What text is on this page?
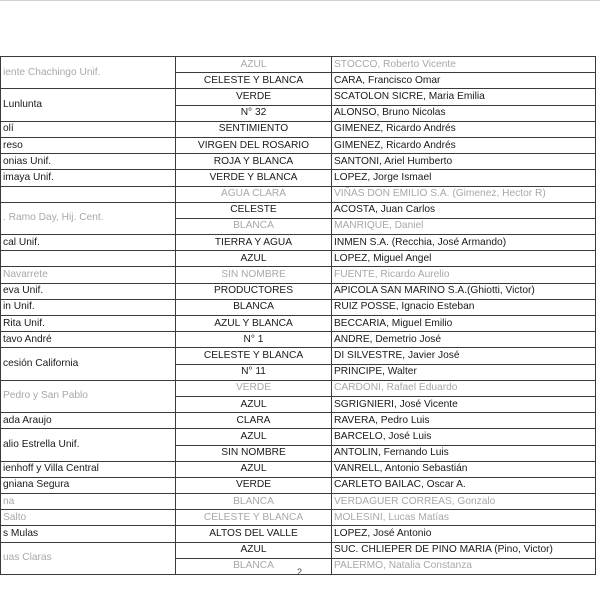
iente Chachingo Unif.	AZUL	STOCCO, Roberto Vicente
	CELESTE Y BLANCA	CARA, Francisco Omar
Lunlunta	VERDE	SCATOLON SICRE, Maria Emilia
	N° 32	ALONSO, Bruno Nicolas
olí	SENTIMIENTO	GIMENEZ, Ricardo Andrés
reso	VIRGEN DEL ROSARIO	GIMENEZ, Ricardo Andrés
onias Unif.	ROJA Y BLANCA	SANTONI, Ariel Humberto
imaya Unif.	VERDE Y BLANCA	LOPEZ, Jorge Ismael
	AGUA CLARA	VIÑAS DON EMILIO S.A. (Gimenez, Hector R)
. Ramo Day, Hij. Cent.	CELESTE	ACOSTA, Juan Carlos
	BLANCA	MANRIQUE, Daniel
cal Unif.	TIERRA Y AGUA	INMEN S.A. (Recchia, José Armando)
	AZUL	LOPEZ, Miguel Angel
Navarrete	SIN NOMBRE	FUENTE, Ricardo Aurelio
eva Unif.	PRODUCTORES	APICOLA SAN MARINO S.A.(Ghiotti, Victor)
in Unif.	BLANCA	RUIZ POSSE, Ignacio Esteban
Rita Unif.	AZUL Y BLANCA	BECCARIA, Miguel Emilio
tavo André	N° 1	ANDRE, Demetrio José
cesión California	CELESTE Y BLANCA	DI SILVESTRE, Javier José
	N° 11	PRINCIPE, Walter
Pedro y San Pablo	VERDE	CARDONI, Rafael Eduardo
	AZUL	SGRIGNIERI, José Vicente
ada Araujo	CLARA	RAVERA, Pedro Luis
alio Estrella Unif.	AZUL	BARCELO, José Luis
	SIN NOMBRE	ANTOLIN, Fernando Luis
ienhoff y Villa Central	AZUL	VANRELL, Antonio Sebastián
gniana Segura	VERDE	CARLETO BAILAC, Oscar A.
na	BLANCA	VERDAGUER CORREAS, Gonzalo
Salto	CELESTE Y BLANCA	MOLESINI, Lucas Matías
s Mulas	ALTOS DEL VALLE	LOPEZ, José Antonio
uas Claras	AZUL	SUC. CHLIEPER DE PINO MARIA (Pino, Victor)
	BLANCA	PALERMO, Natalia Constanza
2
